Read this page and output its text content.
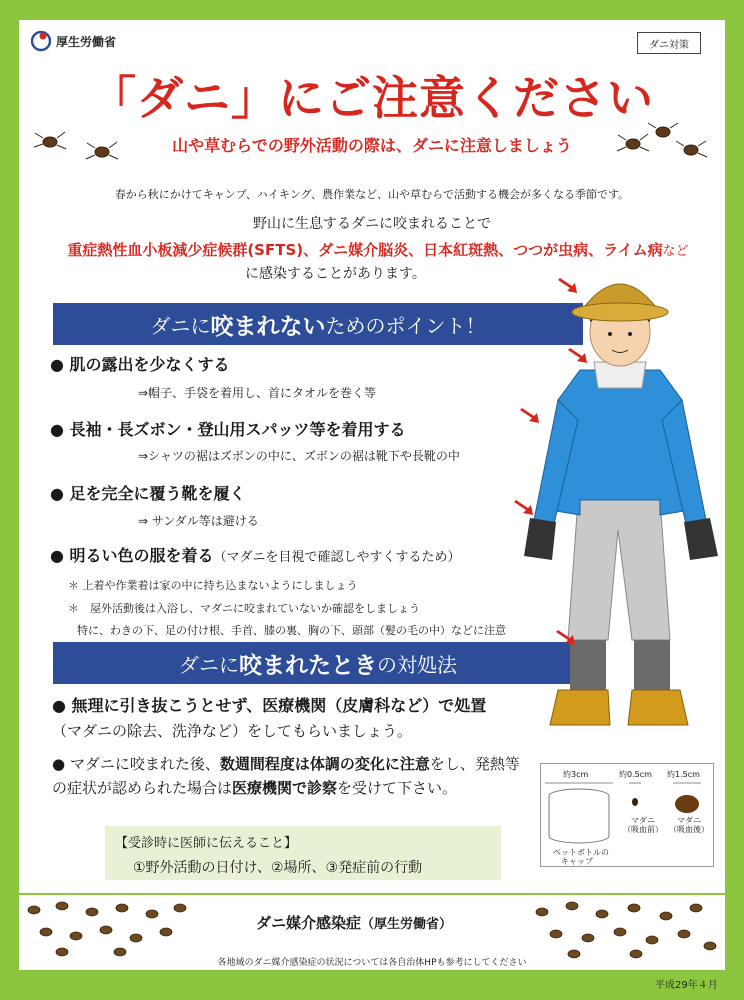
厚生労働省	ダニ対策
「ダニ」にご注意ください
山や草むらでの野外活動の際は、ダニに注意しましょう
春から秋にかけてキャンプ、ハイキング、農作業など、山や草むらで活動する機会が多くなる季節です。
野山に生息するダニに咬まれることで
重症熱性血小板減少症候群(SFTS)、ダニ媒介脳炎、日本紅斑熱、つつが虫病、ライム病など
に感染することがあります。
ダニに 咬まれない ためのポイント！
● 肌の露出を少なくする
⇒帽子、手袋を着用し、首にタオルを巻く等
● 長袖・長ズボン・登山用スパッツ等を着用する
⇒シャツの裾はズボンの中に、ズボンの裾は靴下や長靴の中
● 足を完全に覆う靴を履く
⇒ サンダル等は避ける
● 明るい色の服を着る（マダニを目視で確認しやすくするため）
＊ 上着や作業着は家の中に持ち込まないようにしましょう
＊　屋外活動後は入浴し、マダニに咬まれていないか確認をしましょう
特に、わきの下、足の付け根、手首、膝の裏、胸の下、頭部（髪の毛の中）などに注意
ダニに 咬まれたとき の対処法
● 無理に引き抜こうとせず、医療機関（皮膚科など）で処置
（マダニの除去、洗浄など）をしてもらいましょう。
● マダニに咬まれた後、数週間程度は体調の変化に注意をし、発熱等の症状が認められた場合は医療機関で診察を受けて下さい。
【受診時に医師に伝えること】
①野外活動の日付け、②場所、③発症前の行動
約3cm	約0.5cm 約1.5cm
ペットボトルの
キャップ
マダニ
（吸血前）
マダニ
（吸血後）
ダニ媒介感染症（厚生労働省）
各地域のダニ媒介感染症の状況については各自治体HPも参考にしてください
平成29年４月
